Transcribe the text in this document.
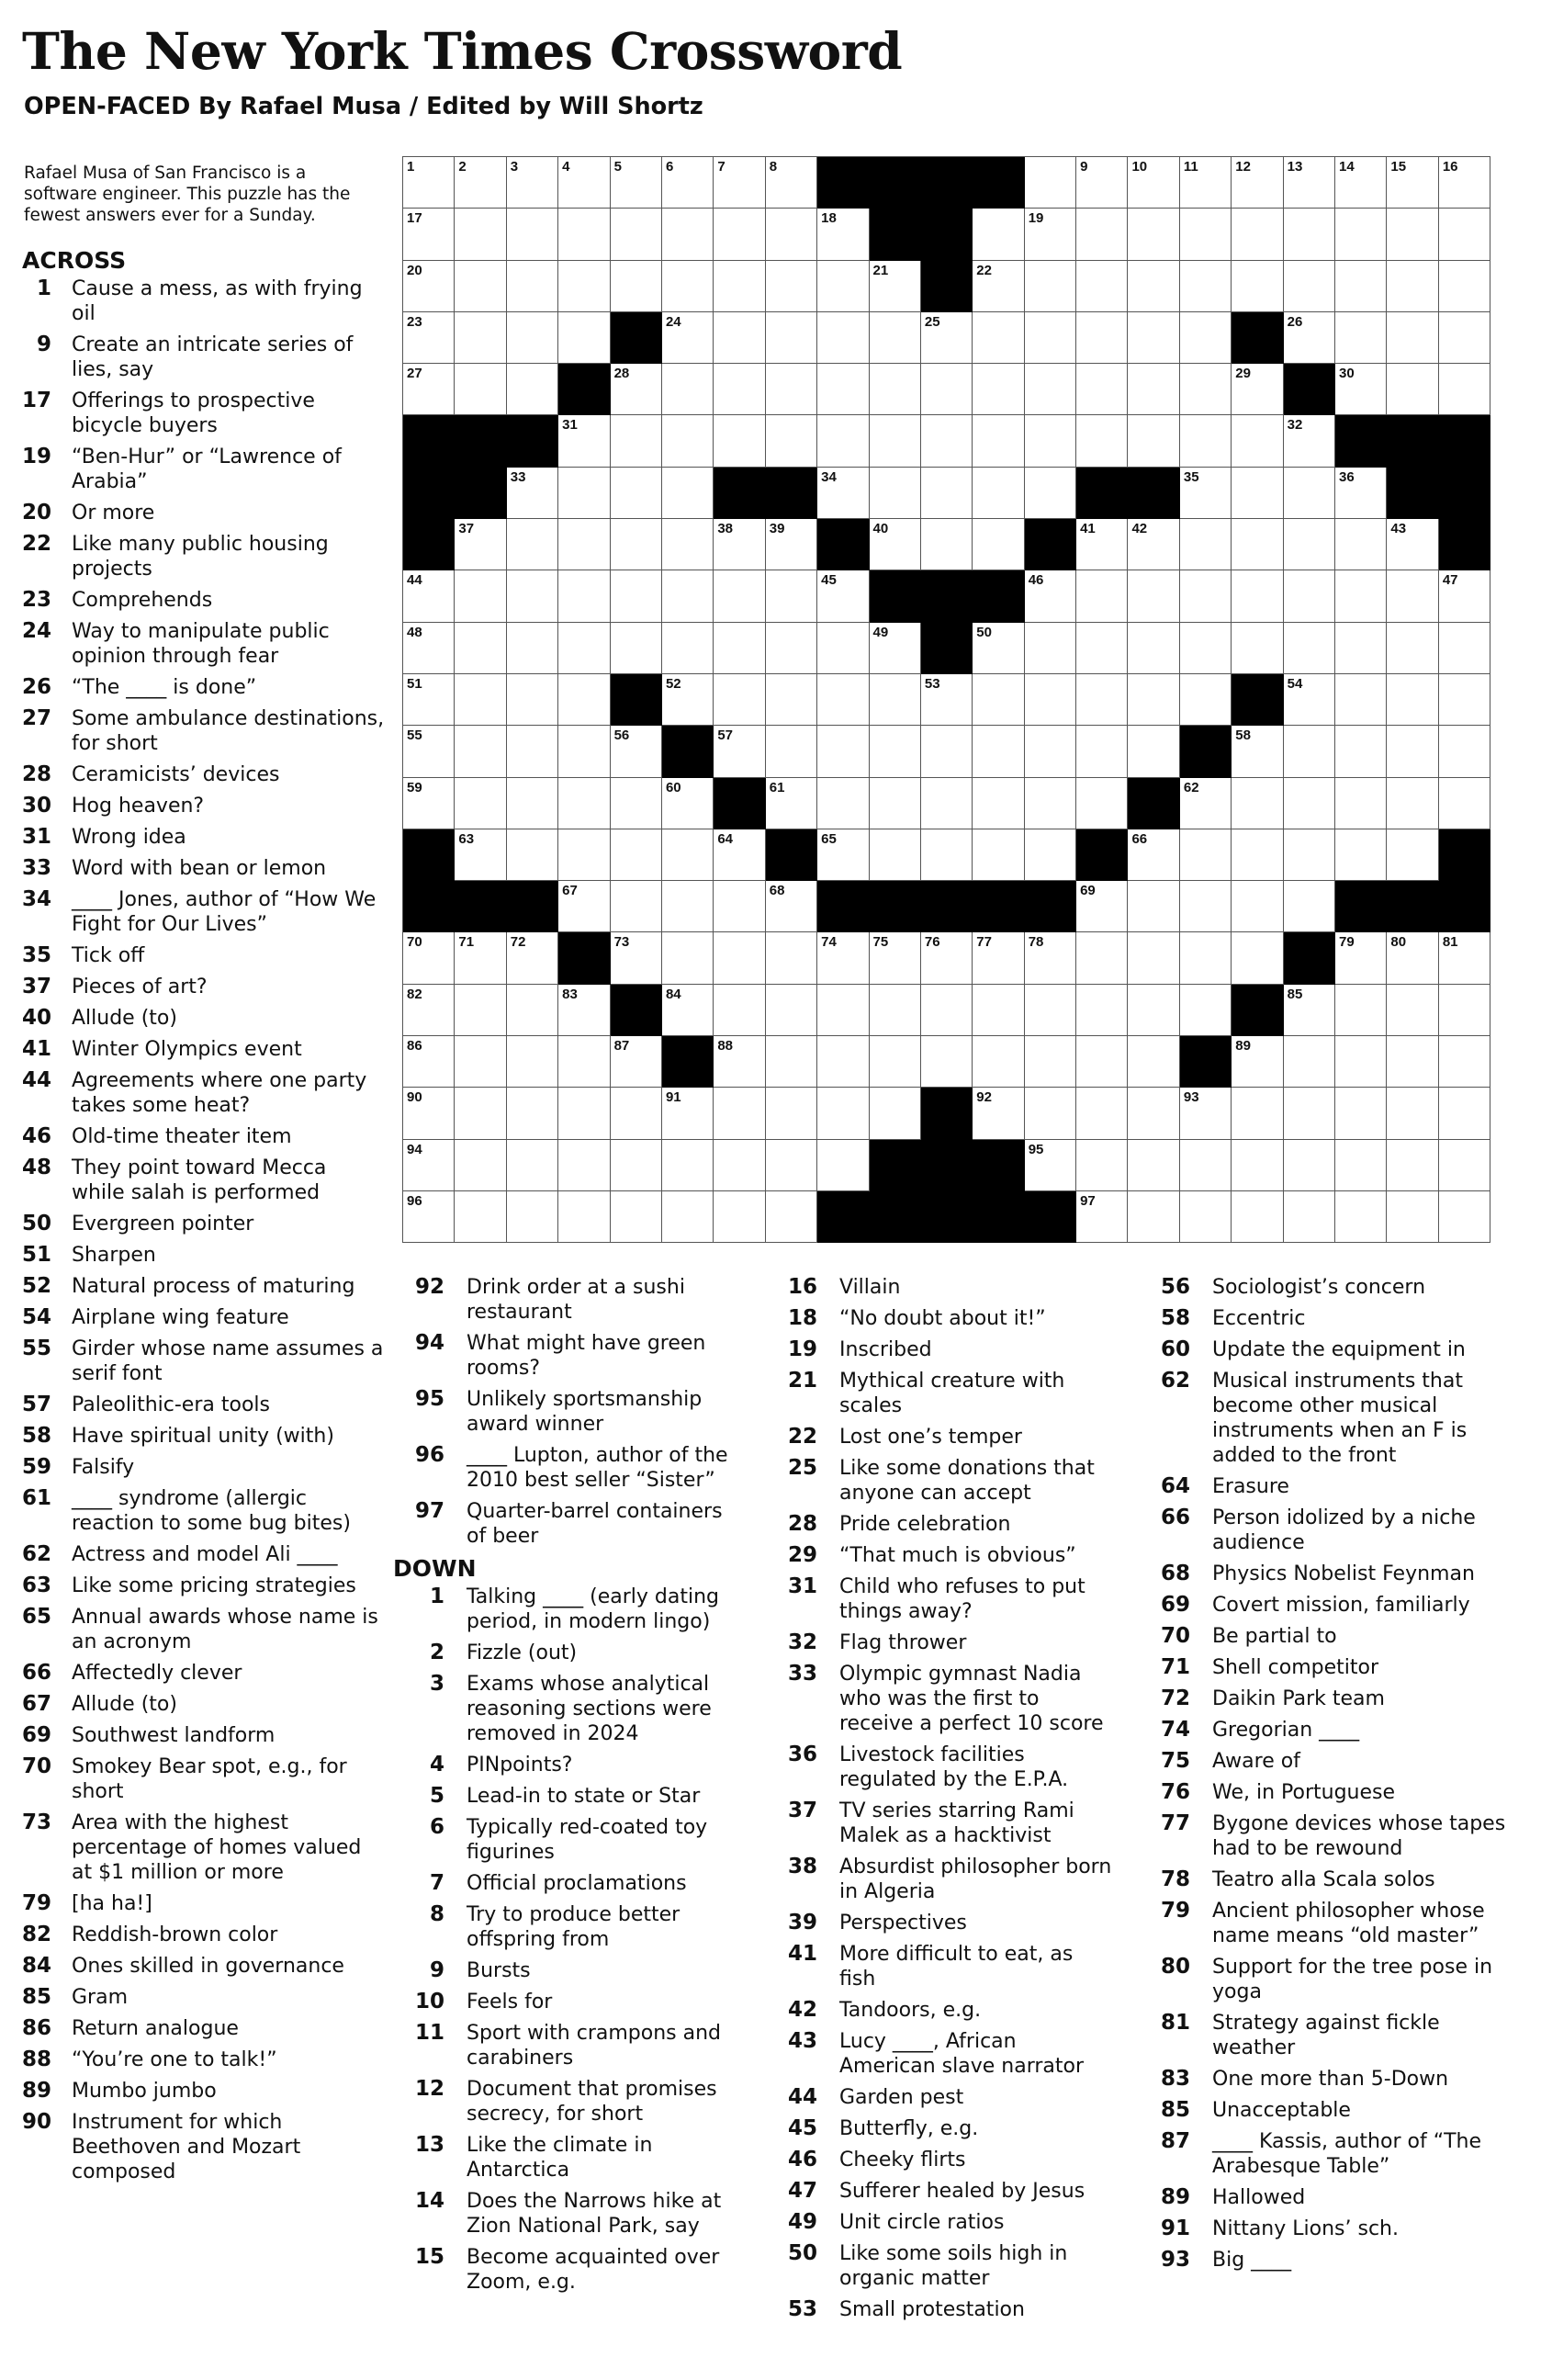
The New York Times Crossword
OPEN-FACED By Rafael Musa / Edited by Will Shortz
Rafael Musa of San Francisco is a software engineer. This puzzle has the fewest answers ever for a Sunday.
1	2	3	4	5	6	7	8	9	10	11	12	13	14	15	16
17	18	19
20	21	22
23	24	25	26
27	28	29	30
31	32
33	34	35	36
37	38	39	40	41	42	43
44	45	46	47
48	49	50
51	52	53	54
55	56	57	58
59	60	61	62
63	64	65	66
67	68	69
70	71	72	73	74	75	76	77	78	79	80	81
82	83	84	85
86	87	88	89
90	91	92	93
94	95
96	97
ACROSS
1 Cause a mess, as with frying oil
9 Create an intricate series of lies, say
17 Offerings to prospective bicycle buyers
19 “Ben-Hur” or “Lawrence of Arabia”
20 Or more
22 Like many public housing projects
23 Comprehends
24 Way to manipulate public opinion through fear
26 “The ____ is done”
27 Some ambulance destinations, for short
28 Ceramicists’ devices
30 Hog heaven?
31 Wrong idea
33 Word with bean or lemon
34 ____ Jones, author of “How We Fight for Our Lives”
35 Tick off
37 Pieces of art?
40 Allude (to)
41 Winter Olympics event
44 Agreements where one party takes some heat?
46 Old-time theater item
48 They point toward Mecca while salah is performed
50 Evergreen pointer
51 Sharpen
52 Natural process of maturing
54 Airplane wing feature
55 Girder whose name assumes a serif font
57 Paleolithic-era tools
58 Have spiritual unity (with)
59 Falsify
61 ____ syndrome (allergic reaction to some bug bites)
62 Actress and model Ali ____
63 Like some pricing strategies
65 Annual awards whose name is an acronym
66 Affectedly clever
67 Allude (to)
69 Southwest landform
70 Smokey Bear spot, e.g., for short
73 Area with the highest percentage of homes valued at $1 million or more
79 [ha ha!]
82 Reddish-brown color
84 Ones skilled in governance
85 Gram
86 Return analogue
88 “You’re one to talk!”
89 Mumbo jumbo
90 Instrument for which Beethoven and Mozart composed
92 Drink order at a sushi restaurant
94 What might have green rooms?
95 Unlikely sportsmanship award winner
96 ____ Lupton, author of the 2010 best seller “Sister”
97 Quarter-barrel containers of beer
DOWN
1 Talking ____ (early dating period, in modern lingo)
2 Fizzle (out)
3 Exams whose analytical reasoning sections were removed in 2024
4 PINpoints?
5 Lead-in to state or Star
6 Typically red-coated toy figurines
7 Official proclamations
8 Try to produce better offspring from
9 Bursts
10 Feels for
11 Sport with crampons and carabiners
12 Document that promises secrecy, for short
13 Like the climate in Antarctica
14 Does the Narrows hike at Zion National Park, say
15 Become acquainted over Zoom, e.g.
16 Villain
18 “No doubt about it!”
19 Inscribed
21 Mythical creature with scales
22 Lost one’s temper
25 Like some donations that anyone can accept
28 Pride celebration
29 “That much is obvious”
31 Child who refuses to put things away?
32 Flag thrower
33 Olympic gymnast Nadia who was the first to receive a perfect 10 score
36 Livestock facilities regulated by the E.P.A.
37 TV series starring Rami Malek as a hacktivist
38 Absurdist philosopher born in Algeria
39 Perspectives
41 More difficult to eat, as fish
42 Tandoors, e.g.
43 Lucy ____, African American slave narrator
44 Garden pest
45 Butterfly, e.g.
46 Cheeky flirts
47 Sufferer healed by Jesus
49 Unit circle ratios
50 Like some soils high in organic matter
53 Small protestation
56 Sociologist’s concern
58 Eccentric
60 Update the equipment in
62 Musical instruments that become other musical instruments when an F is added to the front
64 Erasure
66 Person idolized by a niche audience
68 Physics Nobelist Feynman
69 Covert mission, familiarly
70 Be partial to
71 Shell competitor
72 Daikin Park team
74 Gregorian ____
75 Aware of
76 We, in Portuguese
77 Bygone devices whose tapes had to be rewound
78 Teatro alla Scala solos
79 Ancient philosopher whose name means “old master”
80 Support for the tree pose in yoga
81 Strategy against fickle weather
83 One more than 5-Down
85 Unacceptable
87 ____ Kassis, author of “The Arabesque Table”
89 Hallowed
91 Nittany Lions’ sch.
93 Big ____
